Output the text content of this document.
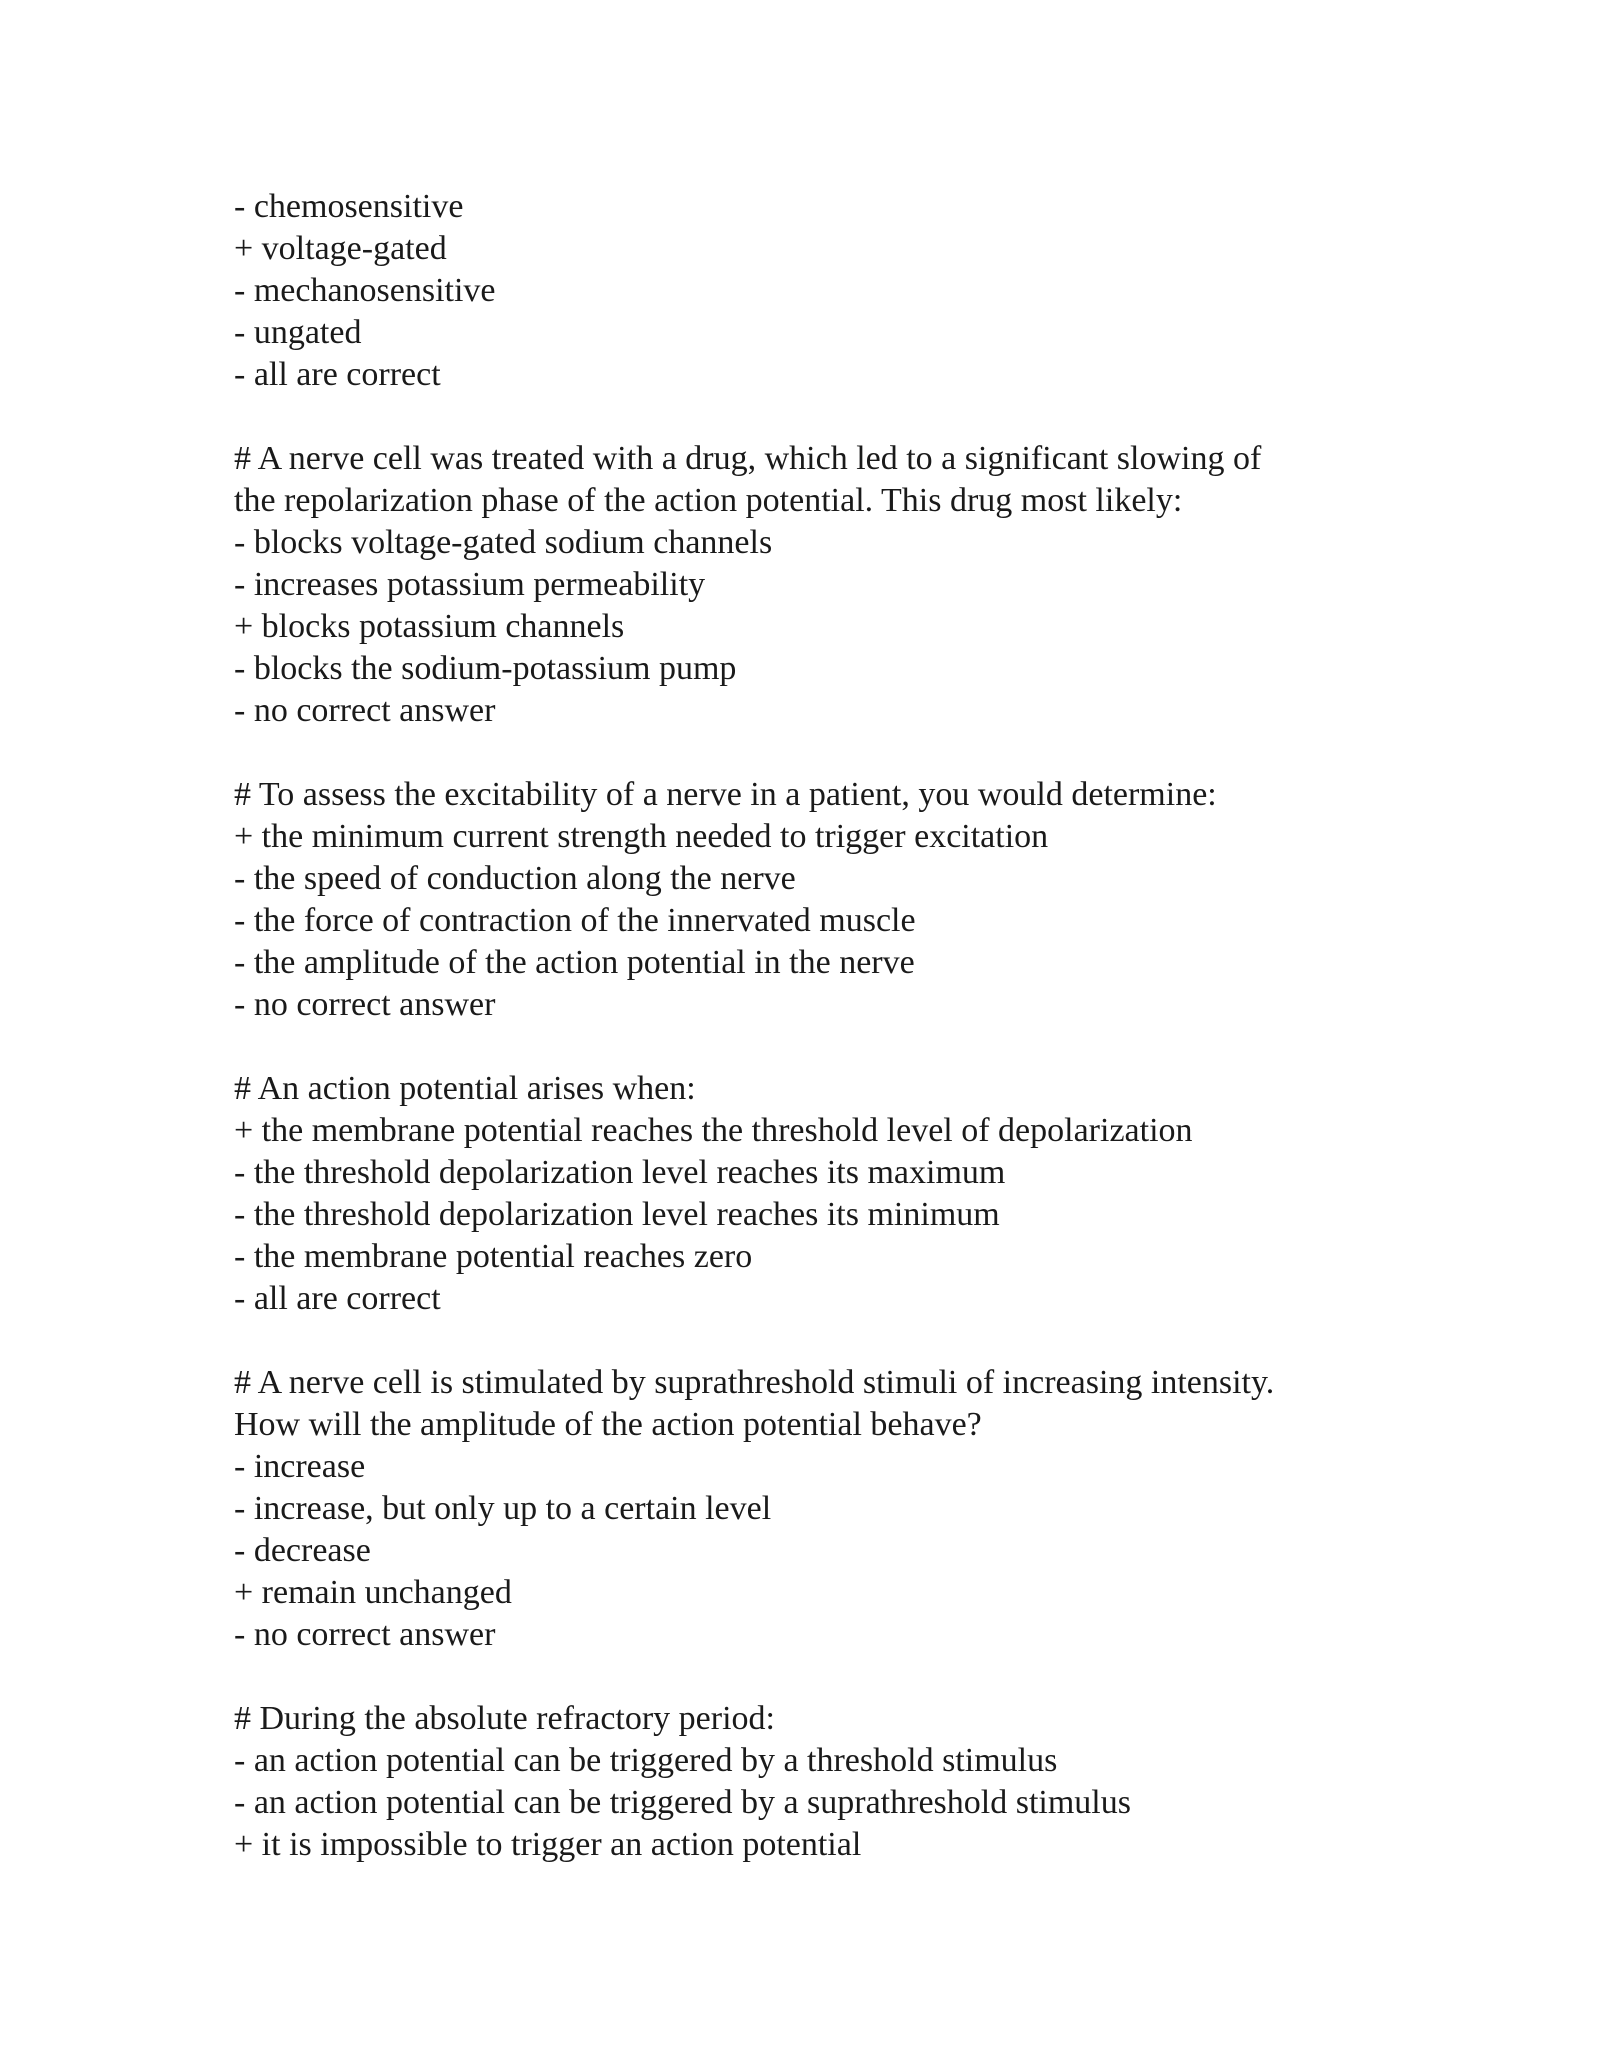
- chemosensitive
+ voltage-gated
- mechanosensitive
- ungated
- all are correct
# A nerve cell was treated with a drug, which led to a significant slowing of
the repolarization phase of the action potential. This drug most likely:
- blocks voltage-gated sodium channels
- increases potassium permeability
+ blocks potassium channels
- blocks the sodium-potassium pump
- no correct answer
# To assess the excitability of a nerve in a patient, you would determine:
+ the minimum current strength needed to trigger excitation
- the speed of conduction along the nerve
- the force of contraction of the innervated muscle
- the amplitude of the action potential in the nerve
- no correct answer
# An action potential arises when:
+ the membrane potential reaches the threshold level of depolarization
- the threshold depolarization level reaches its maximum
- the threshold depolarization level reaches its minimum
- the membrane potential reaches zero
- all are correct
# A nerve cell is stimulated by suprathreshold stimuli of increasing intensity.
How will the amplitude of the action potential behave?
- increase
- increase, but only up to a certain level
- decrease
+ remain unchanged
- no correct answer
# During the absolute refractory period:
- an action potential can be triggered by a threshold stimulus
- an action potential can be triggered by a suprathreshold stimulus
+ it is impossible to trigger an action potential
